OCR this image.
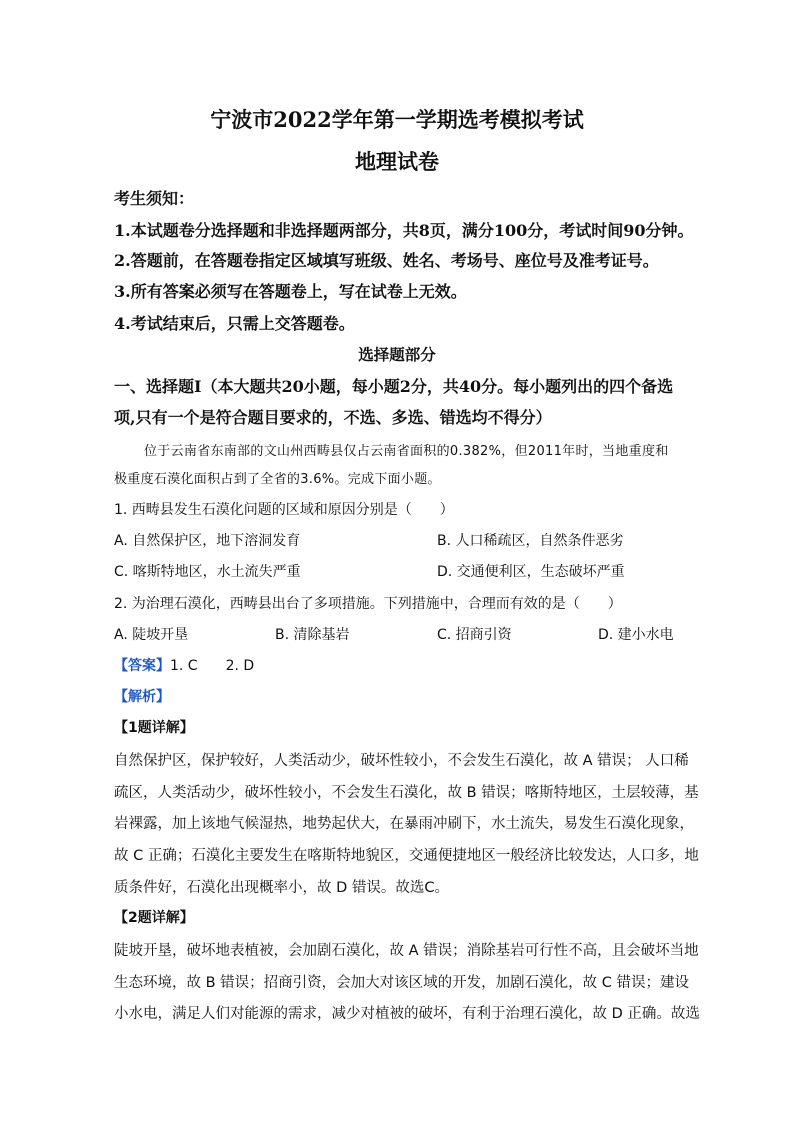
宁波市2022学年第一学期选考模拟考试
地理试卷
考生须知：
1.本试题卷分选择题和非选择题两部分，共8页，满分100分，考试时间90分钟。
2.答题前，在答题卷指定区域填写班级、姓名、考场号、座位号及准考证号。
3.所有答案必须写在答题卷上，写在试卷上无效。
4.考试结束后，只需上交答题卷。
选择题部分
一、选择题Ⅰ（本大题共20小题，每小题2分，共40分。每小题列出的四个备选
项,只有一个是符合题目要求的，不选、多选、错选均不得分）
位于云南省东南部的文山州西畴县仅占云南省面积的0.382%，但2011年时，当地重度和
极重度石漠化面积占到了全省的3.6%。完成下面小题。
1. 西畴县发生石漠化问题的区域和原因分别是（　　）
A. 自然保护区，地下溶洞发育	B. 人口稀疏区，自然条件恶劣
C. 喀斯特地区，水土流失严重	D. 交通便利区，生态破坏严重
2. 为治理石漠化，西畴县出台了多项措施。下列措施中，合理而有效的是（　　）
A. 陡坡开垦	B. 清除基岩	C. 招商引资	D. 建小水电
【答案】1. C　　2. D
【解析】
【1题详解】
自然保护区，保护较好，人类活动少，破坏性较小，不会发生石漠化，故 A 错误； 人口稀
疏区，人类活动少，破坏性较小，不会发生石漠化，故 B 错误；喀斯特地区，土层较薄，基
岩裸露，加上该地气候湿热，地势起伏大，在暴雨冲刷下，水土流失，易发生石漠化现象，
故 C 正确；石漠化主要发生在喀斯特地貌区，交通便捷地区一般经济比较发达，人口多，地
质条件好，石漠化出现概率小，故 D 错误。故选C。
【2题详解】
陡坡开垦，破坏地表植被，会加剧石漠化，故 A 错误；消除基岩可行性不高，且会破坏当地
生态环境，故 B 错误；招商引资，会加大对该区域的开发，加剧石漠化，故 C 错误；建设
小水电，满足人们对能源的需求，减少对植被的破坏，有利于治理石漠化，故 D 正确。故选
